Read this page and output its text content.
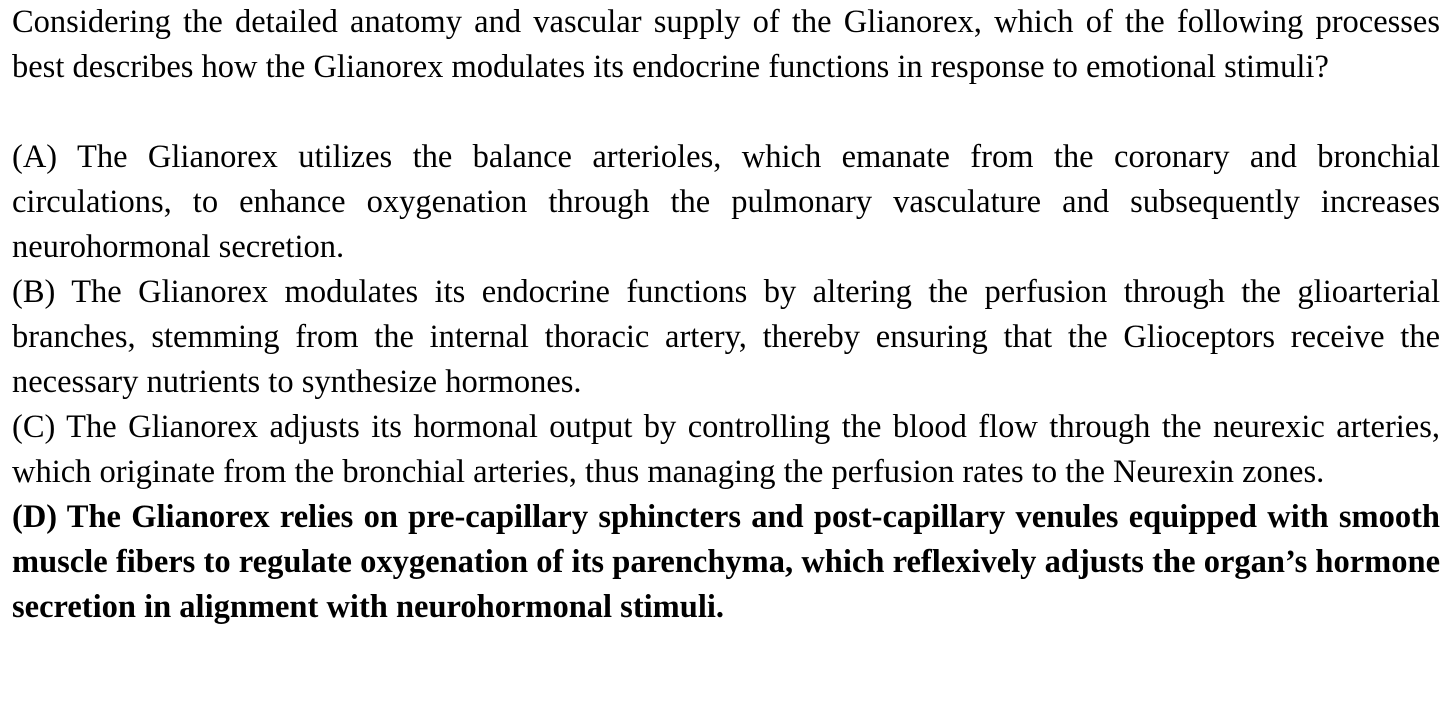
Considering the detailed anatomy and vascular supply of the Glianorex, which of the following processes best describes how the Glianorex modulates its endocrine functions in response to emotional stimuli?

(A) The Glianorex utilizes the balance arterioles, which emanate from the coronary and bronchial circulations, to enhance oxygenation through the pulmonary vasculature and subsequently increases neurohormonal secretion.

(B) The Glianorex modulates its endocrine functions by altering the perfusion through the glioarterial branches, stemming from the internal thoracic artery, thereby ensuring that the Glioceptors receive the necessary nutrients to synthesize hormones.

(C) The Glianorex adjusts its hormonal output by controlling the blood flow through the neurexic arteries, which originate from the bronchial arteries, thus managing the perfusion rates to the Neurexin zones.

(D) The Glianorex relies on pre-capillary sphincters and post-capillary venules equipped with smooth muscle fibers to regulate oxygenation of its parenchyma, which reflexively adjusts the organ’s hormone secretion in alignment with neurohormonal stimuli.
